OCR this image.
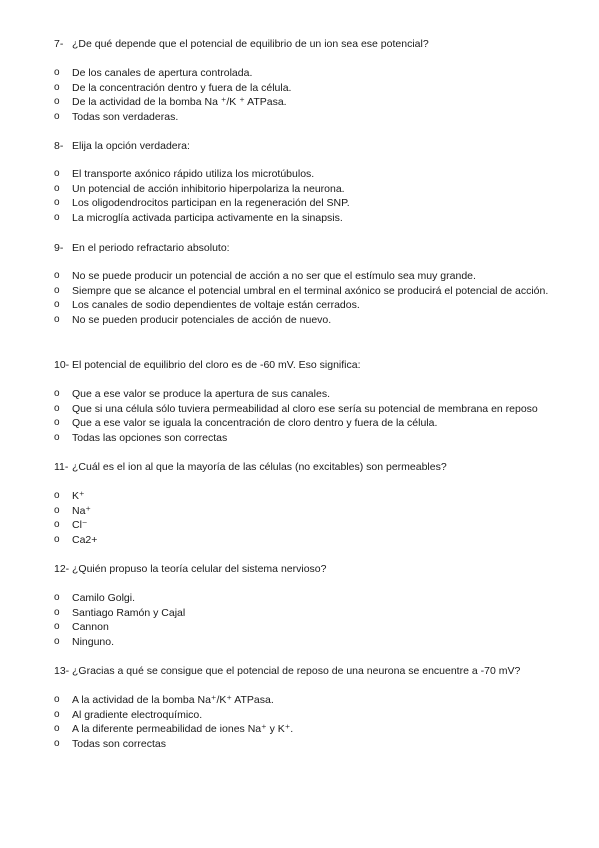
7- ¿De qué depende que el potencial de equilibrio de un ion sea ese potencial?
o De los canales de apertura controlada.
o De la concentración dentro y fuera de la célula.
o De la actividad de la bomba Na ⁺/K ⁺ ATPasa.
o Todas son verdaderas.
8- Elija la opción verdadera:
o El transporte axónico rápido utiliza los microtúbulos.
o Un potencial de acción inhibitorio hiperpolariza la neurona.
o Los oligodendrocitos participan en la regeneración del SNP.
o La microglía activada participa activamente en la sinapsis.
9- En el periodo refractario absoluto:
o No se puede producir un potencial de acción a no ser que el estímulo sea muy grande.
o Siempre que se alcance el potencial umbral en el terminal axónico se producirá el potencial de acción.
o Los canales de sodio dependientes de voltaje están cerrados.
o No se pueden producir potenciales de acción de nuevo.
10- El potencial de equilibrio del cloro es de -60 mV. Eso significa:
o Que a ese valor se produce la apertura de sus canales.
o Que si una célula sólo tuviera permeabilidad al cloro ese sería su potencial de membrana en reposo
o Que a ese valor se iguala la concentración de cloro dentro y fuera de la célula.
o Todas las opciones son correctas
11- ¿Cuál es el ion al que la mayoría de las células (no excitables) son permeables?
o K⁺
o Na⁺
o Cl⁻
o Ca2+
12- ¿Quién propuso la teoría celular del sistema nervioso?
o Camilo Golgi.
o Santiago Ramón y Cajal
o Cannon
o Ninguno.
13- ¿Gracias a qué se consigue que el potencial de reposo de una neurona se encuentre a -70 mV?
o A la actividad de la bomba Na⁺/K⁺ ATPasa.
o Al gradiente electroquímico.
o A la diferente permeabilidad de iones Na⁺ y K⁺.
o Todas son correctas
